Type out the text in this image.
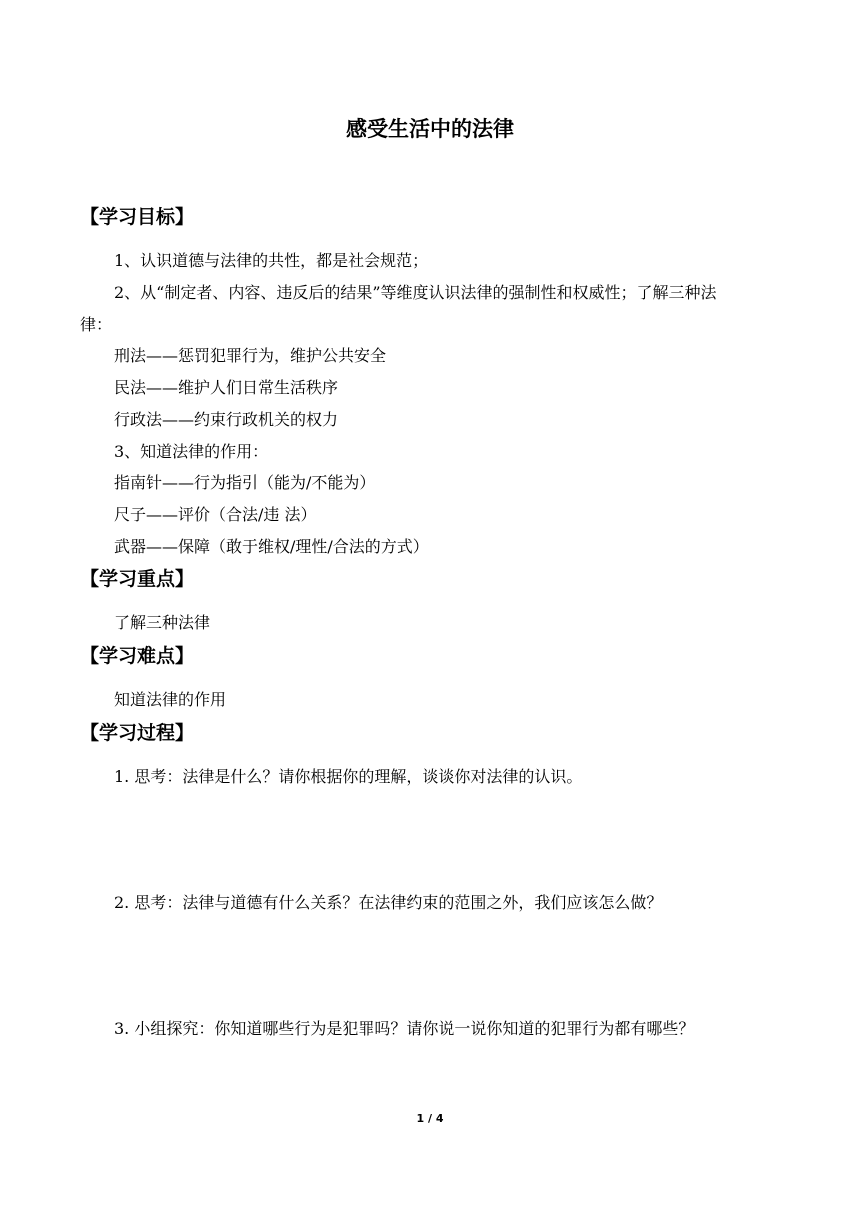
感受生活中的法律
【学习目标】
1、认识道德与法律的共性，都是社会规范；
2、从“制定者、内容、违反后的结果”等维度认识法律的强制性和权威性；了解三种法
律：
刑法——惩罚犯罪行为，维护公共安全
民法——维护人们日常生活秩序
行政法——约束行政机关的权力
3、知道法律的作用：
指南针——行为指引（能为/不能为）
尺子——评价（合法/违 法）
武器——保障（敢于维权/理性/合法的方式）
【学习重点】
了解三种法律
【学习难点】
知道法律的作用
【学习过程】
1. 思考：法律是什么？请你根据你的理解，谈谈你对法律的认识。
2. 思考：法律与道德有什么关系？在法律约束的范围之外，我们应该怎么做？
3. 小组探究：你知道哪些行为是犯罪吗？请你说一说你知道的犯罪行为都有哪些？
1 / 4
